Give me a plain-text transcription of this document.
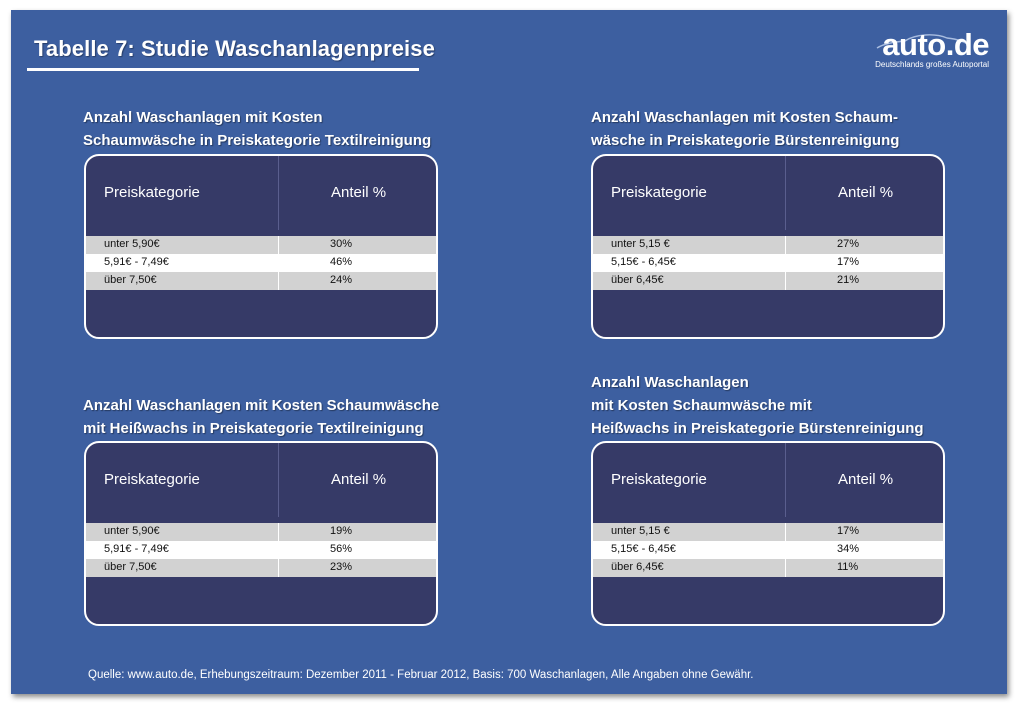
Tabelle 7: Studie Waschanlagenpreise	auto.de
Deutschlands großes Autoportal
Anzahl Waschanlagen mit Kosten
Schaumwäsche in Preiskategorie Textilreinigung
Preiskategorie	Anteil %
unter 5,90€	30%
5,91€ - 7,49€	46%
über 7,50€	24%
Anzahl Waschanlagen mit Kosten Schaum-
wäsche in Preiskategorie Bürstenreinigung
Preiskategorie	Anteil %
unter 5,15 €	27%
5,15€ - 6,45€	17%
über 6,45€	21%
Anzahl Waschanlagen mit Kosten Schaumwäsche
mit Heißwachs in Preiskategorie Textilreinigung
Preiskategorie	Anteil %
unter 5,90€	19%
5,91€ - 7,49€	56%
über 7,50€	23%
Anzahl Waschanlagen
mit Kosten Schaumwäsche mit
Heißwachs in Preiskategorie Bürstenreinigung
Preiskategorie	Anteil %
unter 5,15 €	17%
5,15€ - 6,45€	34%
über 6,45€	11%
Quelle: www.auto.de, Erhebungszeitraum: Dezember 2011 - Februar 2012, Basis: 700 Waschanlagen, Alle Angaben ohne Gewähr.
